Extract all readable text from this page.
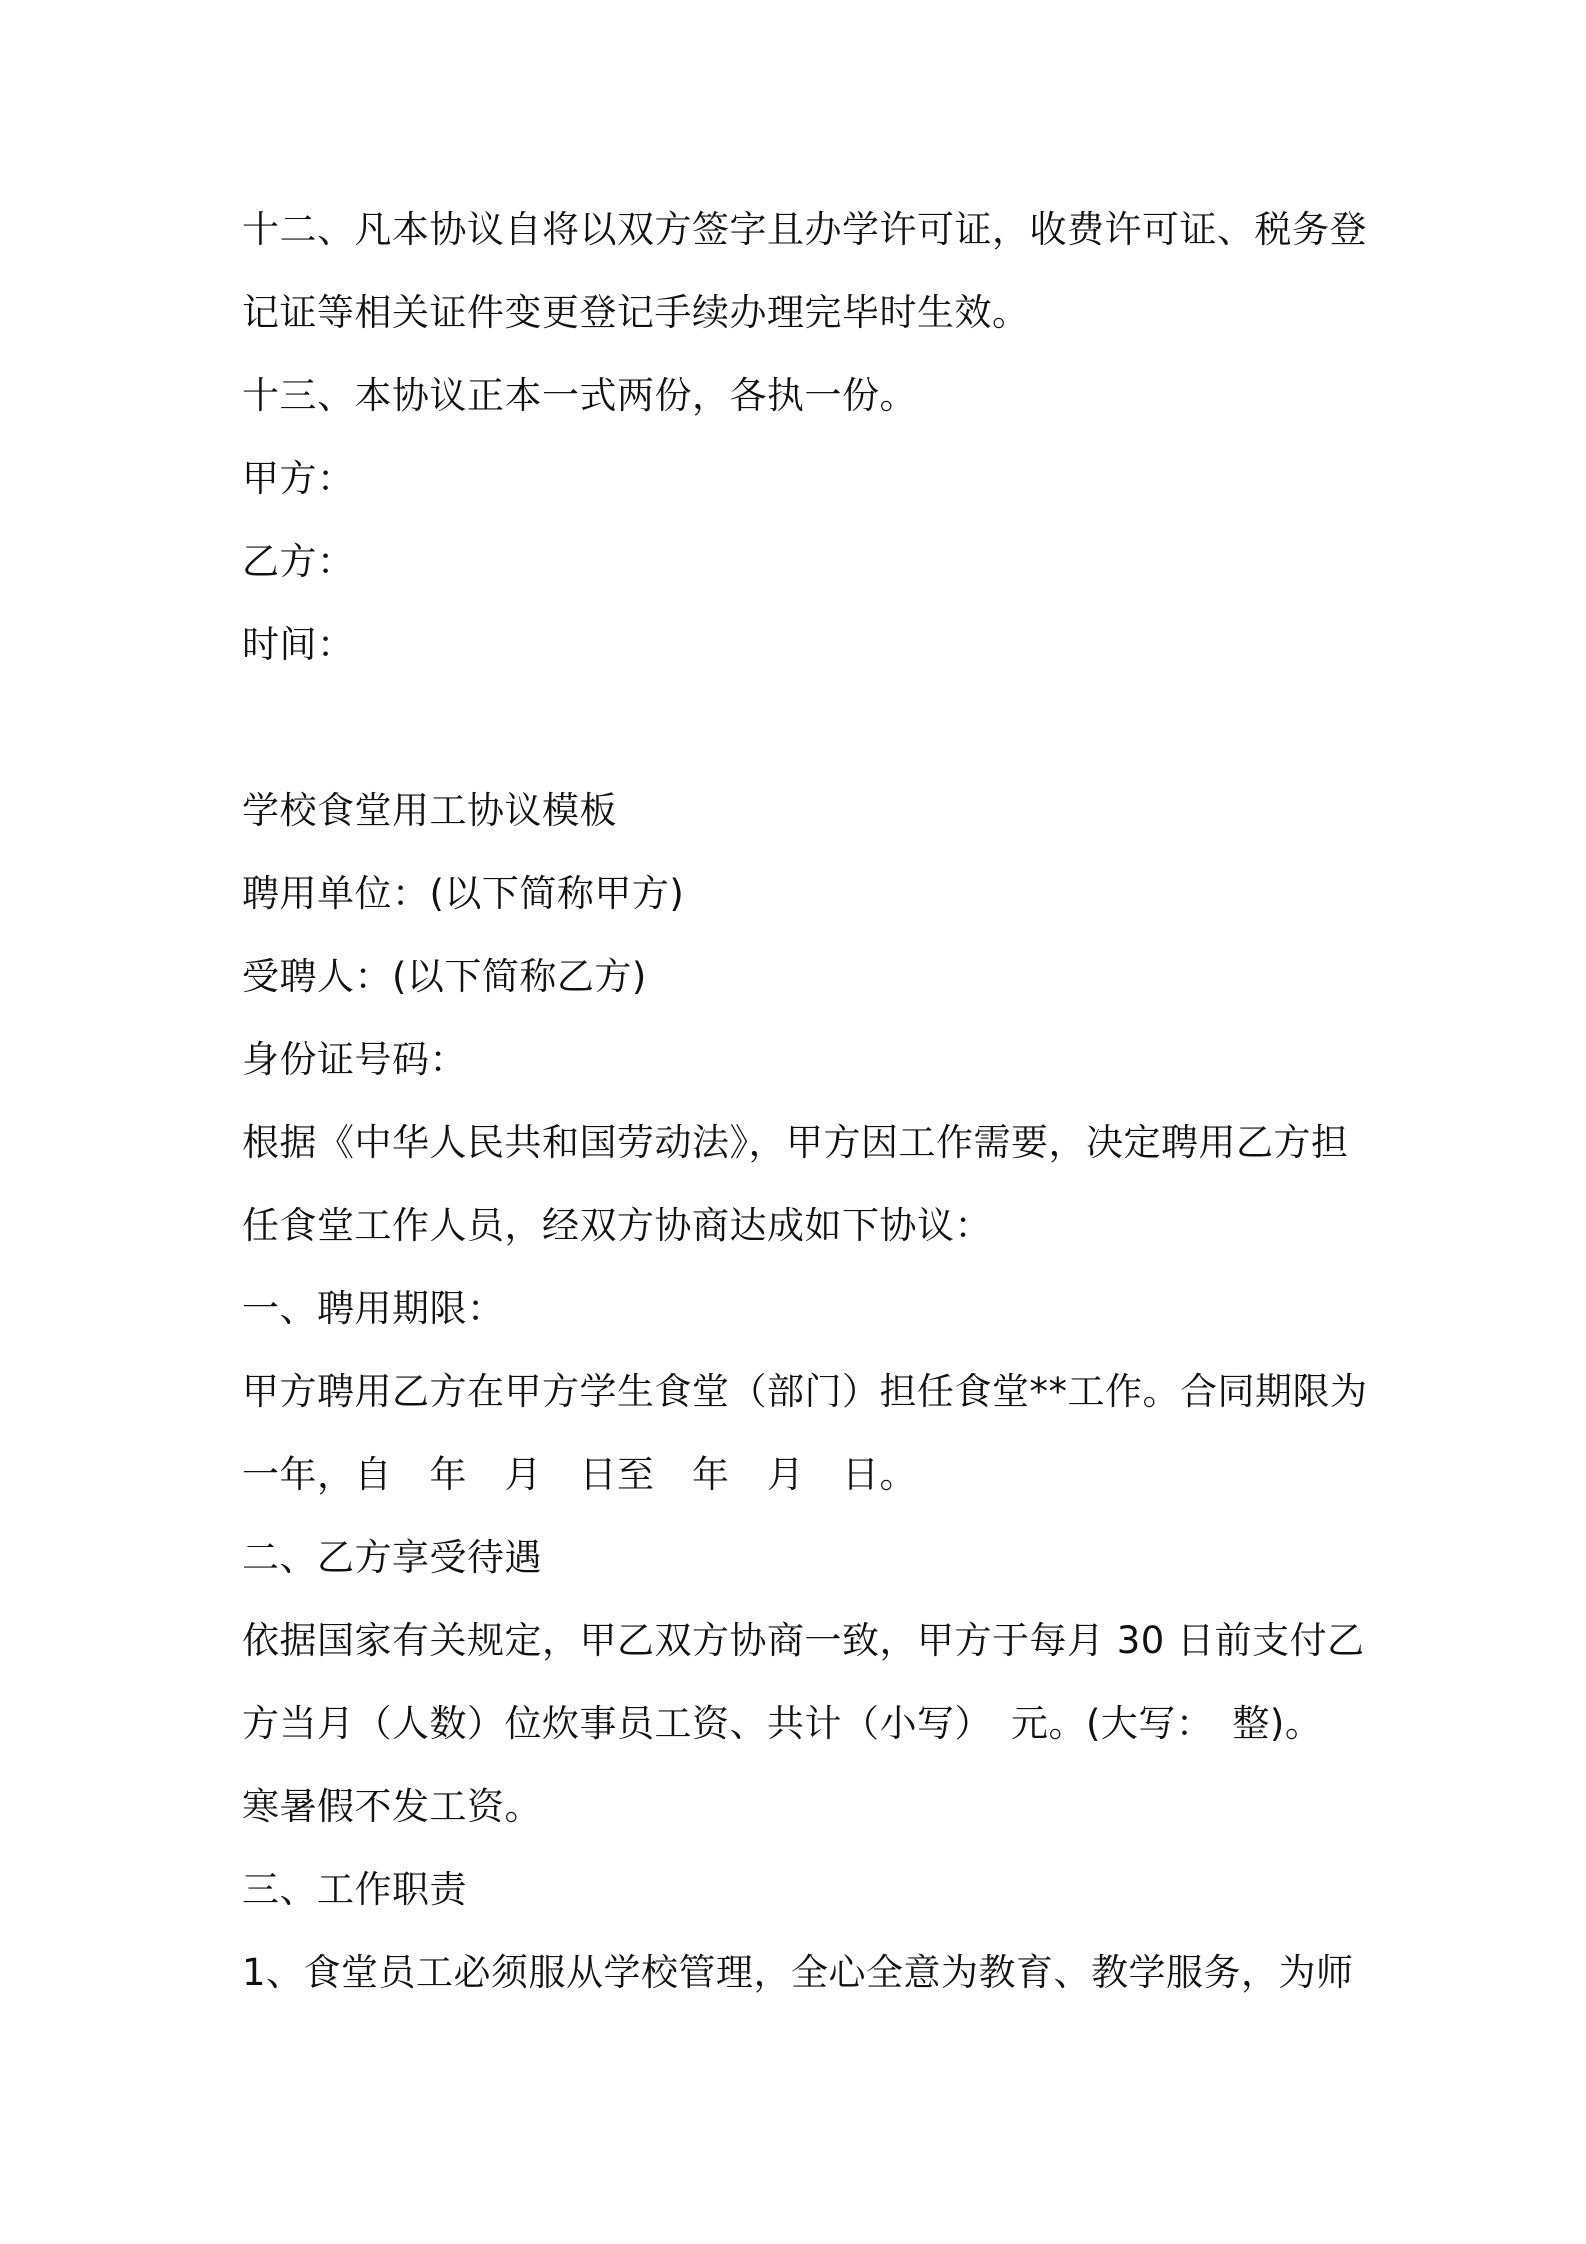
十二、凡本协议自将以双方签字且办学许可证，收费许可证、税务登
记证等相关证件变更登记手续办理完毕时生效。
十三、本协议正本一式两份，各执一份。
甲方：
乙方：
时间：
学校食堂用工协议模板
聘用单位：(以下简称甲方)
受聘人：(以下简称乙方)
身份证号码：
根据《中华人民共和国劳动法》，甲方因工作需要，决定聘用乙方担
任食堂工作人员，经双方协商达成如下协议：
一、聘用期限：
甲方聘用乙方在甲方学生食堂（部门）担任食堂**工作。合同期限为
一年，自　年　月　日至　年　月　日。
二、乙方享受待遇
依据国家有关规定，甲乙双方协商一致，甲方于每月 30 日前支付乙
方当月（人数）位炊事员工资、共计（小写）　元。(大写：　整)。
寒暑假不发工资。
三、工作职责
1、食堂员工必须服从学校管理，全心全意为教育、教学服务，为师
